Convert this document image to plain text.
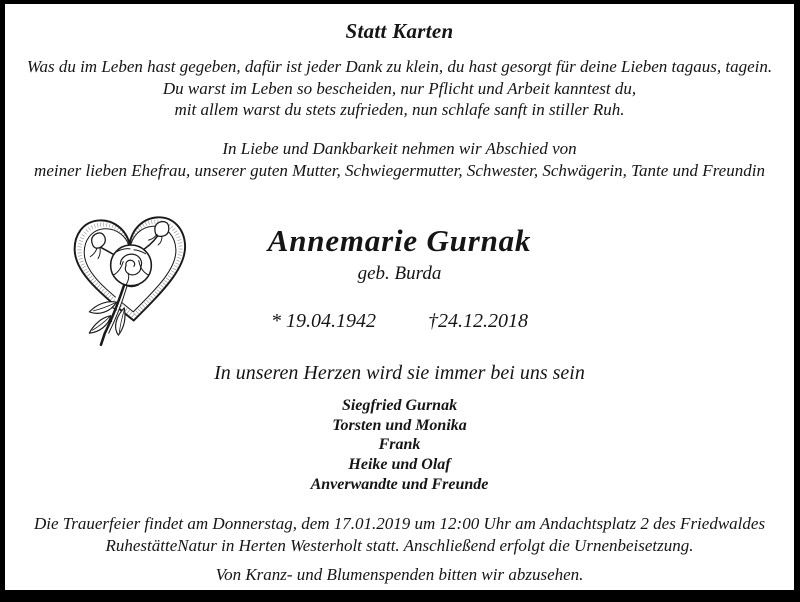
Statt Karten
Was du im Leben hast gegeben, dafür ist jeder Dank zu klein, du hast gesorgt für deine Lieben tagaus, tagein.
Du warst im Leben so bescheiden, nur Pflicht und Arbeit kanntest du,
mit allem warst du stets zufrieden, nun schlafe sanft in stiller Ruh.
In Liebe und Dankbarkeit nehmen wir Abschied von
meiner lieben Ehefrau, unserer guten Mutter, Schwiegermutter, Schwester, Schwägerin, Tante und Freundin
Annemarie Gurnak
geb. Burda
* 19.04.1942	†24.12.2018
In unseren Herzen wird sie immer bei uns sein
Siegfried Gurnak
Torsten und Monika
Frank
Heike und Olaf
Anverwandte und Freunde
Die Trauerfeier findet am Donnerstag, dem 17.01.2019 um 12:00 Uhr am Andachtsplatz 2 des Friedwaldes
RuhestätteNatur in Herten Westerholt statt. Anschließend erfolgt die Urnenbeisetzung.
Von Kranz- und Blumenspenden bitten wir abzusehen.
